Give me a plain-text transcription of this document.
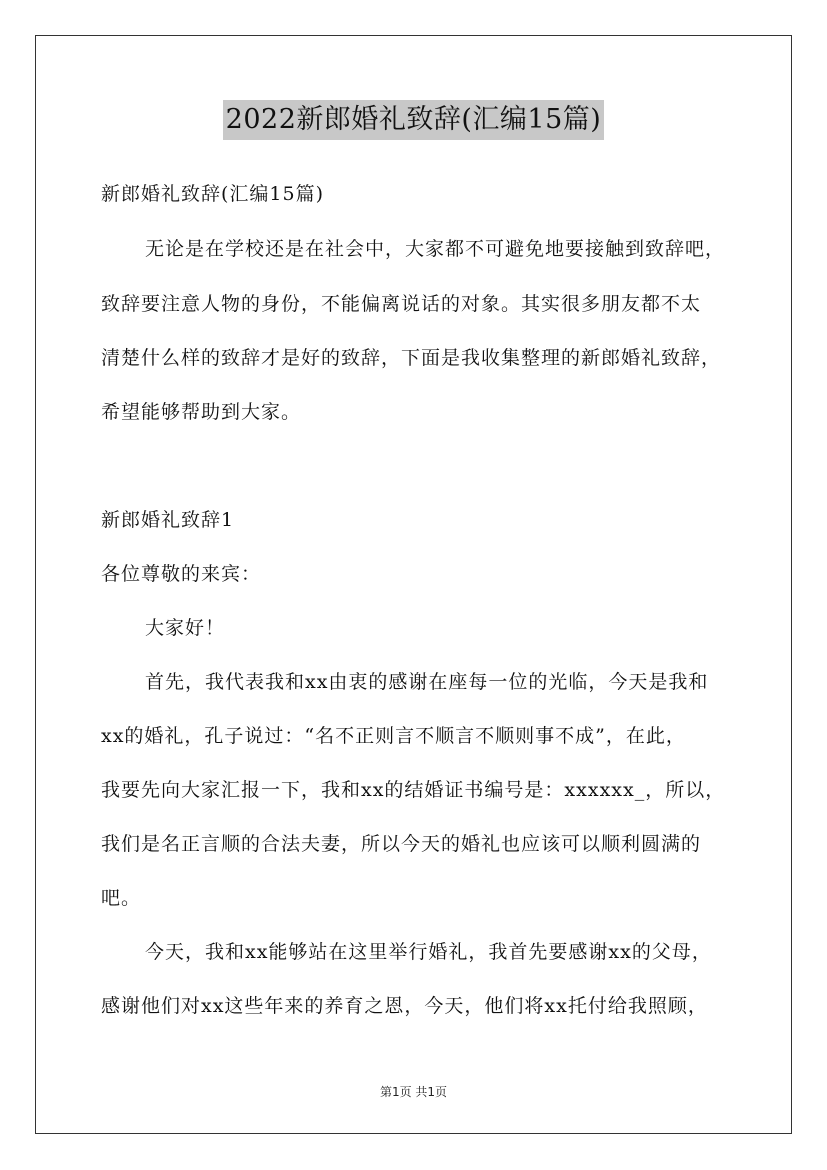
2022新郎婚礼致辞(汇编15篇)
新郎婚礼致辞(汇编15篇)
无论是在学校还是在社会中，大家都不可避免地要接触到致辞吧，
致辞要注意人物的身份，不能偏离说话的对象。其实很多朋友都不太
清楚什么样的致辞才是好的致辞，下面是我收集整理的新郎婚礼致辞，
希望能够帮助到大家。
新郎婚礼致辞1
各位尊敬的来宾：
大家好！
首先，我代表我和xx由衷的感谢在座每一位的光临，今天是我和
xx的婚礼，孔子说过：“名不正则言不顺言不顺则事不成”，在此，
我要先向大家汇报一下，我和xx的结婚证书编号是：xxxxxx_，所以，
我们是名正言顺的合法夫妻，所以今天的婚礼也应该可以顺利圆满的
吧。
今天，我和xx能够站在这里举行婚礼，我首先要感谢xx的父母，
感谢他们对xx这些年来的养育之恩，今天，他们将xx托付给我照顾，
第1页 共1页
